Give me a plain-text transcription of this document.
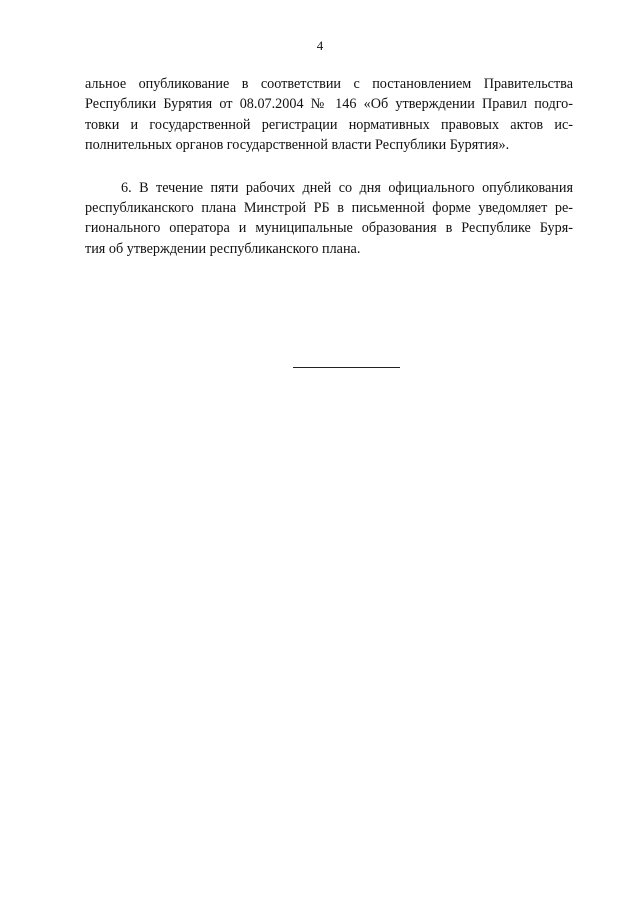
4
альное опубликование в соответствии с постановлением Правительства
Республики Бурятия от 08.07.2004 № 146 «Об утверждении Правил подго-
товки и государственной регистрации нормативных правовых актов ис-
полнительных органов государственной власти Республики Бурятия».
6. В течение пяти рабочих дней со дня официального опубликования
республиканского плана Минстрой РБ в письменной форме уведомляет ре-
гионального оператора и муниципальные образования в Республике Буря-
тия об утверждении республиканского плана.
